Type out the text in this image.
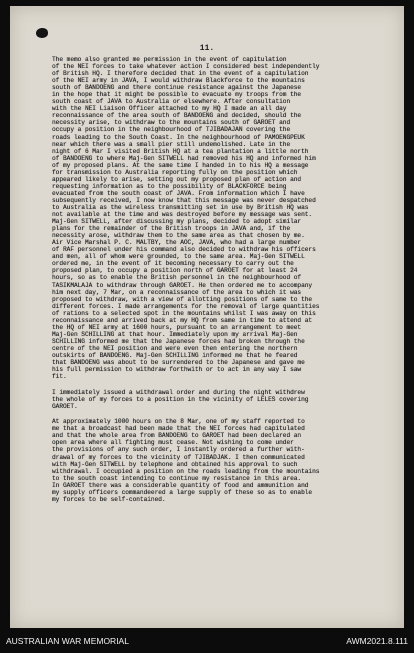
11.
The memo also granted me permission in the event of capitulation
of the NEI forces to take whatever action I considered best independently
of British HQ. I therefore decided that in the event of a capitulation
of the NEI army in JAVA, I would withdraw Blackforce to the mountains
south of BANDOENG and there continue resistance against the Japanese
in the hope that it might be possible to evacuate my troops from the
south coast of JAVA to Australia or elsewhere. After consultation
with the NEI Liaison Officer attached to my HQ I made an all day
reconnaissance of the area south of BANDOENG and decided, should the
necessity arise, to withdraw to the mountains south of GAROET and
occupy a position in the neighbourhood of TJIBADAJAN covering the
roads leading to the South Coast. In the neighbourhood of PAMOENGPEUK
near which there was a small pier still undemolished. Late in the
night of 6 Mar I visited British HQ at a tea plantation a little north
of BANDOENG to where Maj-Gen SITWELL had removed his HQ and informed him
of my proposed plans. At the same time I handed in to his HQ a message
for transmission to Australia reporting fully on the position which
appeared likely to arise, setting out my proposed plan of action and
requesting information as to the possibility of BLACKFORCE being
evacuated from the south coast of JAVA. From information which I have
subsequently received, I now know that this message was never despatched
to Australia as the wireless transmitting set in use by British HQ was
not available at the time and was destroyed before my message was sent.
Maj-Gen SITWELL, after discussing my plans, decided to adopt similar
plans for the remainder of the British troops in JAVA and, if the
necessity arose, withdraw them to the same area as that chosen by me.
Air Vice Marshal P. C. MALTBY, the AOC, JAVA, who had a large number
of RAF personnel under his command also decided to withdraw his officers
and men, all of whom were grounded, to the same area. Maj-Gen SITWELL
ordered me, in the event of it becoming necessary to carry out the
proposed plan, to occupy a position north of GAROET for at least 24
hours, so as to enable the British personnel in the neighbourhood of
TASIKMALAJA to withdraw through GAROET. He then ordered me to accompany
him next day, 7 Mar, on a reconnaissance of the area to which it was
proposed to withdraw, with a view of allotting positions of same to the
different forces. I made arrangements for the removal of large quantities
of rations to a selected spot in the mountains whilst I was away on this
reconnaissance and arrived back at my HQ from same in time to attend at
the HQ of NEI army at 1600 hours, pursuant to an arrangement to meet
Maj-Gen SCHILLING at that hour. Immediately upon my arrival Maj-Gen
SCHILLING informed me that the Japanese forces had broken through the
centre of the NEI position and were even then entering the northern
outskirts of BANDOENG. Maj-Gen SCHILLING informed me that he feared
that BANDOENG was about to be surrendered to the Japanese and gave me
his full permission to withdraw forthwith or to act in any way I saw
fit.
I immediately issued a withdrawal order and during the night withdrew
the whole of my forces to a position in the vicinity of LELES covering
GAROET.
At approximately 1000 hours on the 8 Mar, one of my staff reported to
me that a broadcast had been made that the NEI forces had capitulated
and that the whole area from BANDOENG to GAROET had been declared an
open area where all fighting must cease. Not wishing to come under
the provisions of any such order, I instantly ordered a further with-
drawal of my forces to the vicinity of TJIBADJAK. I then communicated
with Maj-Gen SITWELL by telephone and obtained his approval to such
withdrawal. I occupied a position on the roads leading from the mountains
to the south coast intending to continue my resistance in this area.
In GAROET there was a considerable quantity of food and ammunition and
my supply officers commandeered a large supply of these so as to enable
my forces to be self-contained.
AUSTRALIAN WAR MEMORIAL	AWM2021.8.111
